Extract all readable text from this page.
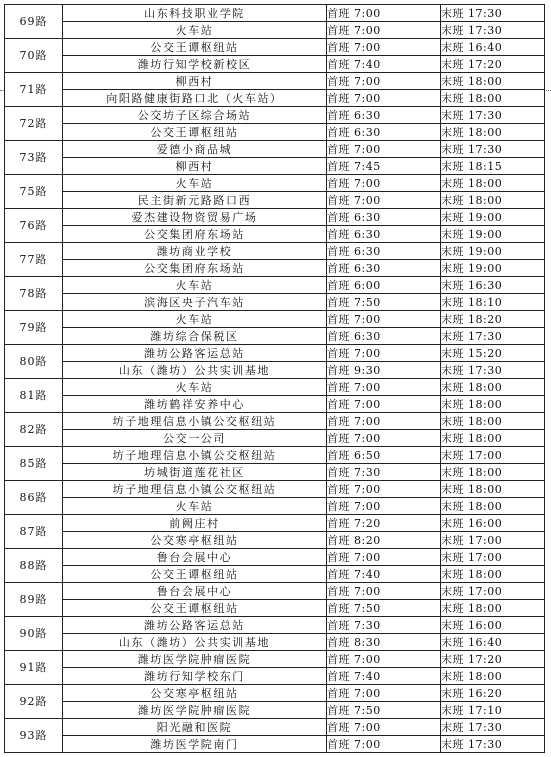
69路	山东科技职业学院	首班 7:00	末班 17:30
	火车站	首班 7:00	末班 17:30
70路	公交王谭枢纽站	首班 7:00	末班 16:40
	潍坊行知学校新校区	首班 7:40	末班 17:20
71路	柳西村	首班 7:00	末班 18:00
	向阳路健康街路口北（火车站）	首班 7:00	末班 18:00
72路	公交坊子区综合场站	首班 6:30	末班 17:30
	公交王谭枢纽站	首班 6:30	末班 18:00
73路	爱德小商品城	首班 7:00	末班 17:30
	柳西村	首班 7:45	末班 18:15
75路	火车站	首班 7:00	末班 18:00
	民主街新元路路口西	首班 7:00	末班 18:00
76路	爱杰建设物资贸易广场	首班 6:30	末班 19:00
	公交集团府东场站	首班 6:30	末班 19:00
77路	潍坊商业学校	首班 6:30	末班 19:00
	公交集团府东场站	首班 6:30	末班 19:00
78路	火车站	首班 6:00	末班 16:30
	滨海区央子汽车站	首班 7:50	末班 18:10
79路	火车站	首班 7:00	末班 18:20
	潍坊综合保税区	首班 6:30	末班 17:30
80路	潍坊公路客运总站	首班 7:00	末班 15:20
	山东（潍坊）公共实训基地	首班 9:30	末班 17:30
81路	火车站	首班 7:00	末班 18:00
	潍坊鹤祥安养中心	首班 7:00	末班 18:00
82路	坊子地理信息小镇公交枢纽站	首班 7:00	末班 18:00
	公交一公司	首班 7:00	末班 18:00
85路	坊子地理信息小镇公交枢纽站	首班 6:50	末班 17:00
	坊城街道莲花社区	首班 7:30	末班 18:00
86路	坊子地理信息小镇公交枢纽站	首班 7:00	末班 18:00
	火车站	首班 7:00	末班 18:00
87路	前阙庄村	首班 7:20	末班 16:00
	公交寒亭枢纽站	首班 8:20	末班 17:00
88路	鲁台会展中心	首班 7:00	末班 17:00
	公交王谭枢纽站	首班 7:40	末班 18:00
89路	鲁台会展中心	首班 7:00	末班 17:00
	公交王谭枢纽站	首班 7:50	末班 18:00
90路	潍坊公路客运总站	首班 7:30	末班 16:00
	山东（潍坊）公共实训基地	首班 8:30	末班 16:40
91路	潍坊医学院肿瘤医院	首班 7:00	末班 17:20
	潍坊行知学校东门	首班 7:40	末班 18:00
92路	公交寒亭枢纽站	首班 7:00	末班 16:20
	潍坊医学院肿瘤医院	首班 7:50	末班 17:10
93路	阳光融和医院	首班 7:00	末班 17:30
	潍坊医学院南门	首班 7:00	末班 17:30
